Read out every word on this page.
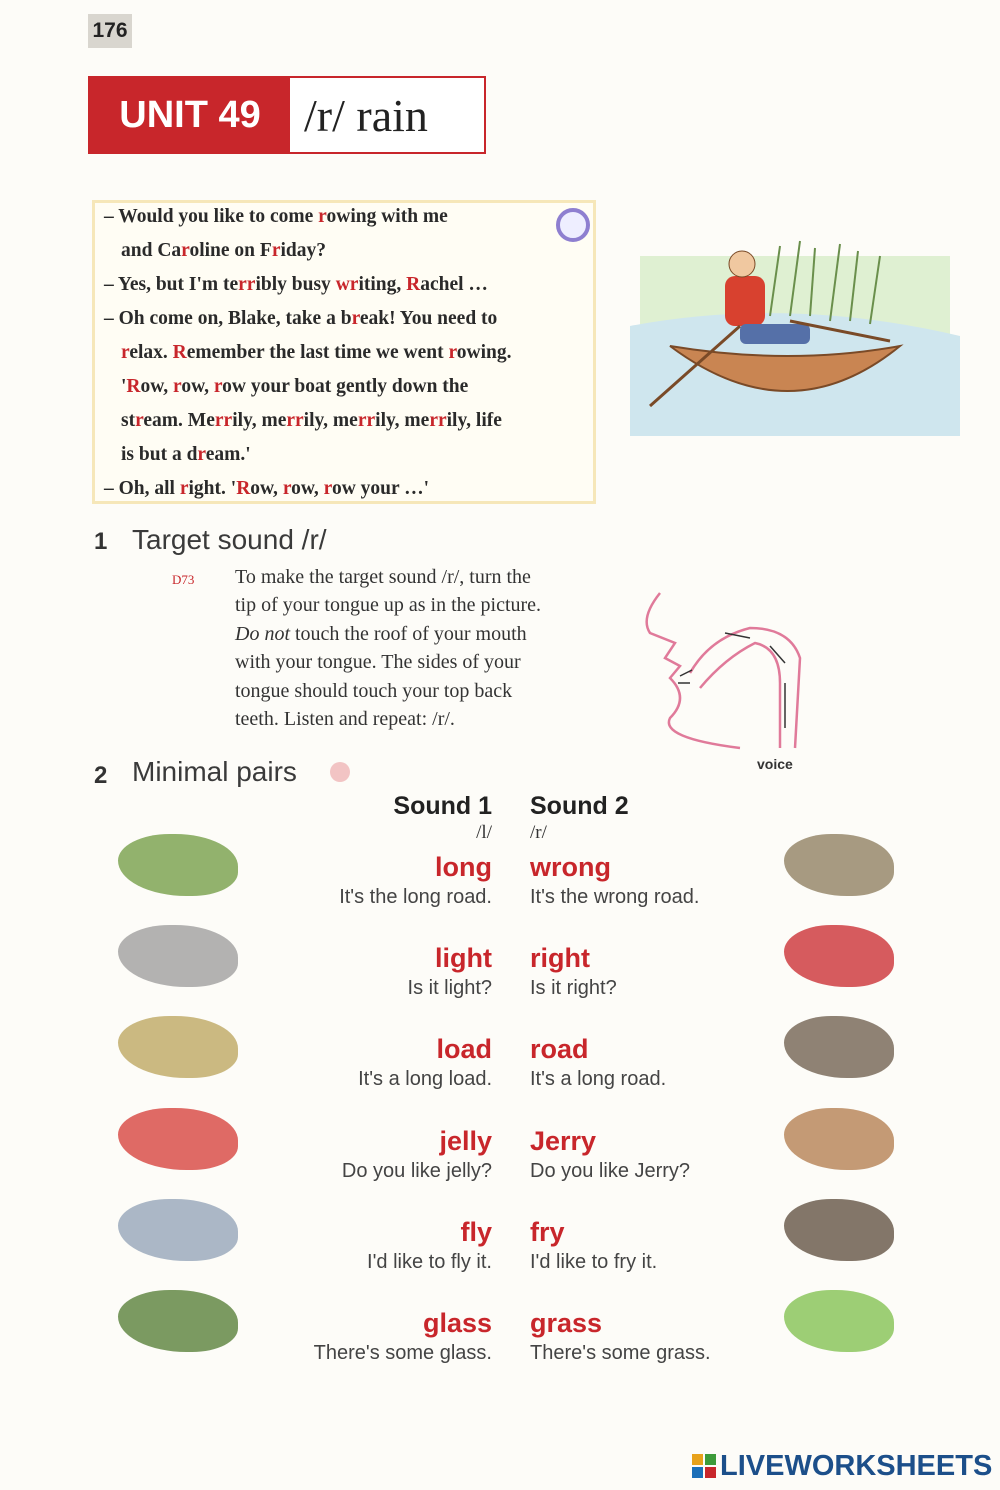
176
UNIT 49 /r/ rain
– Would you like to come rowing with me
and Caroline on Friday?
– Yes, but I'm terribly busy writing, Rachel …
– Oh come on, Blake, take a break! You need to
relax. Remember the last time we went rowing.
'Row, row, row your boat gently down the
stream. Merrily, merrily, merrily, merrily, life
is but a dream.'
– Oh, all right. 'Row, row, row your …'
1 Target sound /r/
D73 To make the target sound /r/, turn the
tip of your tongue up as in the picture.
Do not touch the roof of your mouth
with your tongue. The sides of your
tongue should touch your top back
teeth. Listen and repeat: /r/.
voice
2 Minimal pairs
Sound 1
/l/
Sound 2
/r/
long
It's the long road.
wrong
It's the wrong road.
light
Is it light?
right
Is it right?
load
It's a long load.
road
It's a long road.
jelly
Do you like jelly?
Jerry
Do you like Jerry?
fly
I'd like to fly it.
fry
I'd like to fry it.
glass
There's some glass.
grass
There's some grass.
LIVEWORKSHEETS
